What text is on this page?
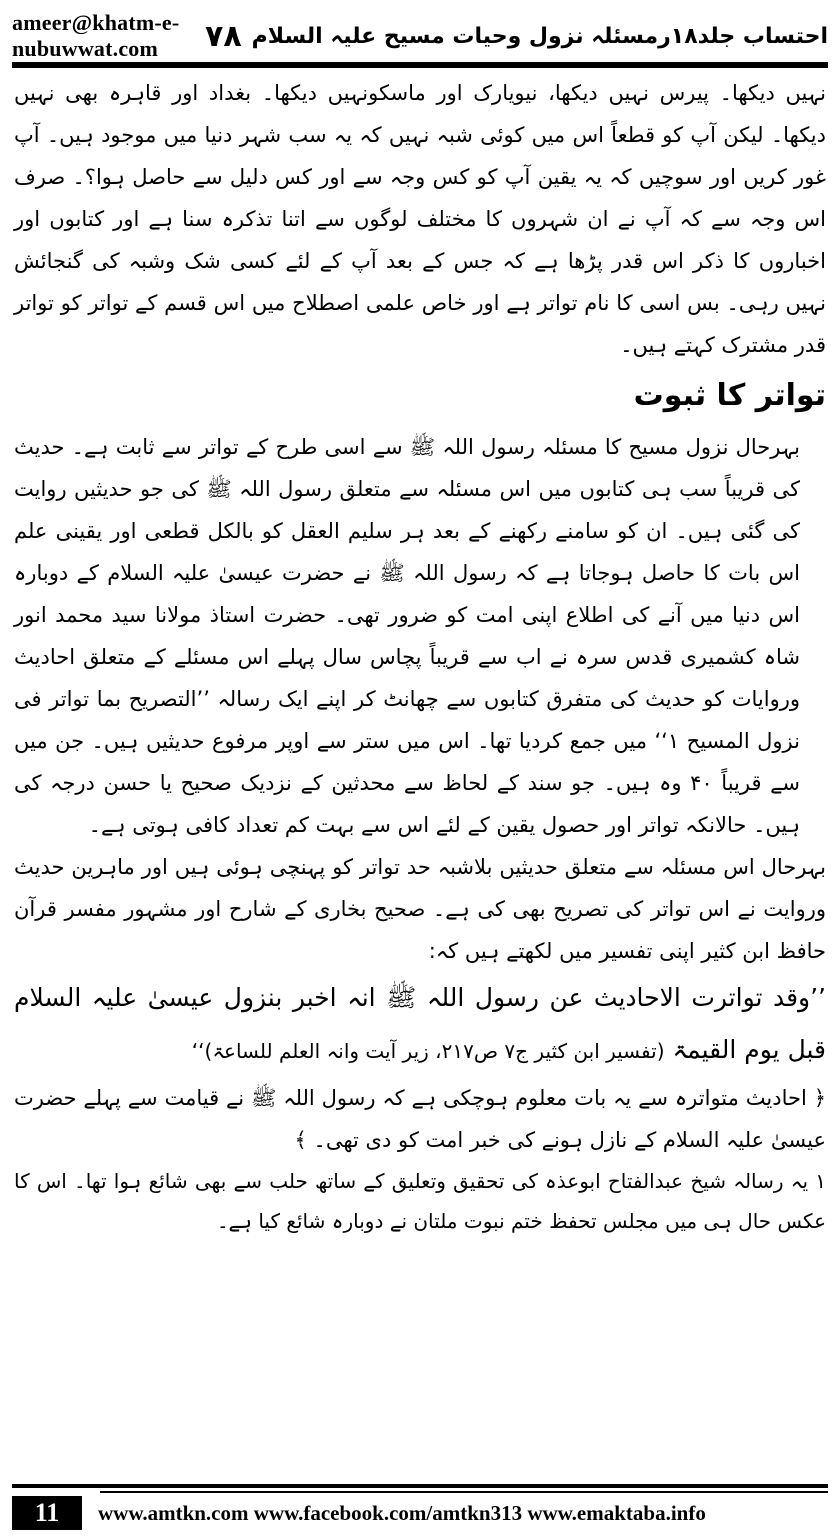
ameer@khatm-e-nubuwwat.com	احتساب جلد۱۸رمسئلہ نزول وحیات مسیح علیہ السلام
۷۸

نہیں دیکھا۔ پیرس نہیں دیکھا، نیویارک اور ماسکونہیں دیکھا۔ بغداد اور قاہرہ بھی نہیں دیکھا۔ لیکن آپ کو قطعاً اس میں کوئی شبہ نہیں کہ یہ سب شہر دنیا میں موجود ہیں۔ آپ غور کریں اور سوچیں کہ یہ یقین آپ کو کس وجہ سے اور کس دلیل سے حاصل ہوا؟۔ صرف اس وجہ سے کہ آپ نے ان شہروں کا مختلف لوگوں سے اتنا تذکرہ سنا ہے اور کتابوں اور اخباروں کا ذکر اس قدر پڑھا ہے کہ جس کے بعد آپ کے لئے کسی شک وشبہ کی گنجائش نہیں رہی۔ بس اسی کا نام تواتر ہے اور خاص علمی اصطلاح میں اس قسم کے تواتر کو تواتر قدر مشترک کہتے ہیں۔

تواتر کا ثبوت

بہرحال نزول مسیح کا مسئلہ رسول اللہ ﷺ سے اسی طرح کے تواتر سے ثابت ہے۔ حدیث کی قریباً سب ہی کتابوں میں اس مسئلہ سے متعلق رسول اللہ ﷺ کی جو حدیثیں روایت کی گئی ہیں۔ ان کو سامنے رکھنے کے بعد ہر سلیم العقل کو بالکل قطعی اور یقینی علم اس بات کا حاصل ہوجاتا ہے کہ رسول اللہ ﷺ نے حضرت عیسیٰ علیہ السلام کے دوبارہ اس دنیا میں آنے کی اطلاع اپنی امت کو ضرور تھی۔ حضرت استاذ مولانا سید محمد انور شاہ کشمیری قدس سرہ نے اب سے قریباً پچاس سال پہلے اس مسئلے کے متعلق احادیث وروایات کو حدیث کی متفرق کتابوں سے چھانٹ کر اپنے ایک رسالہ ’’التصریح بما تواتر فی نزول المسیح ۱‘‘ میں جمع کردیا تھا۔ اس میں ستر سے اوپر مرفوع حدیثیں ہیں۔ جن میں سے قریباً ۴۰ وہ ہیں۔ جو سند کے لحاظ سے محدثین کے نزدیک صحیح یا حسن درجہ کی ہیں۔ حالانکہ تواتر اور حصول یقین کے لئے اس سے بہت کم تعداد کافی ہوتی ہے۔

بہرحال اس مسئلہ سے متعلق حدیثیں بلاشبہ حد تواتر کو پہنچی ہوئی ہیں اور ماہرین حدیث وروایت نے اس تواتر کی تصریح بھی کی ہے۔ صحیح بخاری کے شارح اور مشہور مفسر قرآن حافظ ابن کثیر اپنی تفسیر میں لکھتے ہیں کہ:

’’وقد تواترت الاحادیث عن رسول اللہ ﷺ انہ اخبر بنزول عیسیٰ علیہ السلام قبل یوم القیمۃ (تفسیر ابن کثیر ج۷ ص۲۱۷، زیر آیت وانہ العلم للساعۃ)‘‘

﴿ احادیث متواترہ سے یہ بات معلوم ہوچکی ہے کہ رسول اللہ ﷺ نے قیامت سے پہلے حضرت عیسیٰ علیہ السلام کے نازل ہونے کی خبر امت کو دی تھی۔ ﴾

۱ یہ رسالہ شیخ عبدالفتاح ابوعذہ کی تحقیق وتعلیق کے ساتھ حلب سے بھی شائع ہوا تھا۔ اس کا عکس حال ہی میں مجلس تحفظ ختم نبوت ملتان نے دوبارہ شائع کیا ہے۔

11	www.amtkn.com www.facebook.com/amtkn313 www.emaktaba.info
